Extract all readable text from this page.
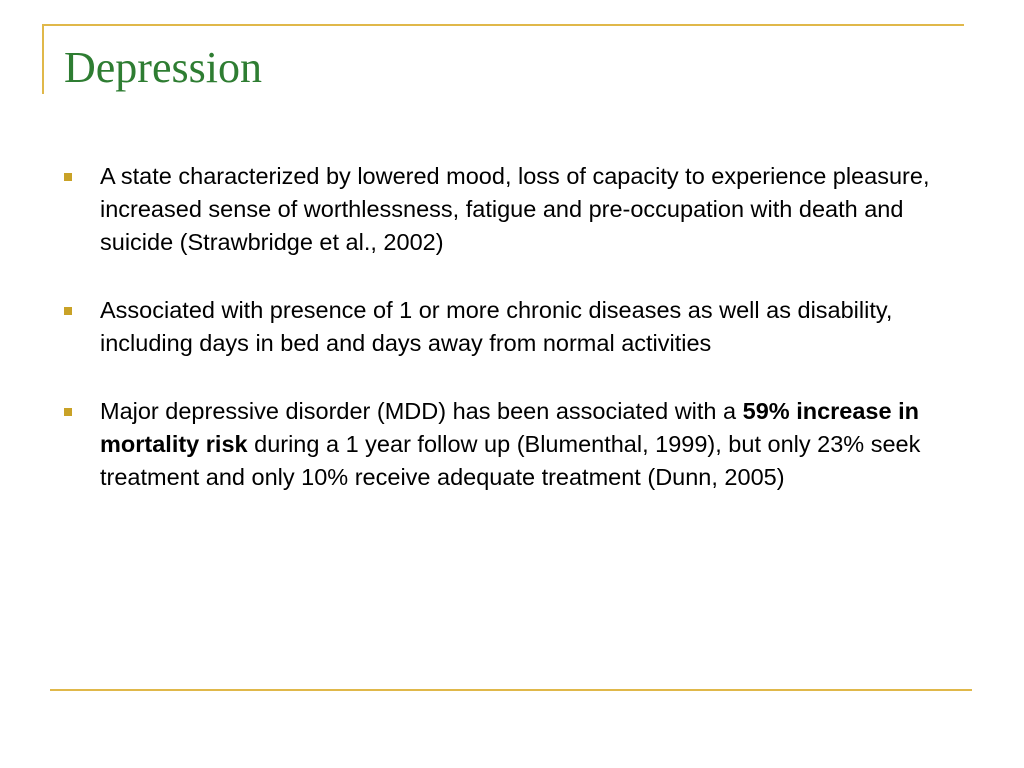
Depression
A state characterized by lowered mood, loss of capacity to experience pleasure, increased sense of worthlessness, fatigue and pre-occupation with death and suicide (Strawbridge et al., 2002)
Associated with presence of 1 or more chronic diseases as well as disability, including days in bed and days away from normal activities
Major depressive disorder (MDD) has been associated with a 59% increase in mortality risk during a 1 year follow up (Blumenthal, 1999), but only 23% seek treatment and only 10% receive adequate treatment (Dunn, 2005)
